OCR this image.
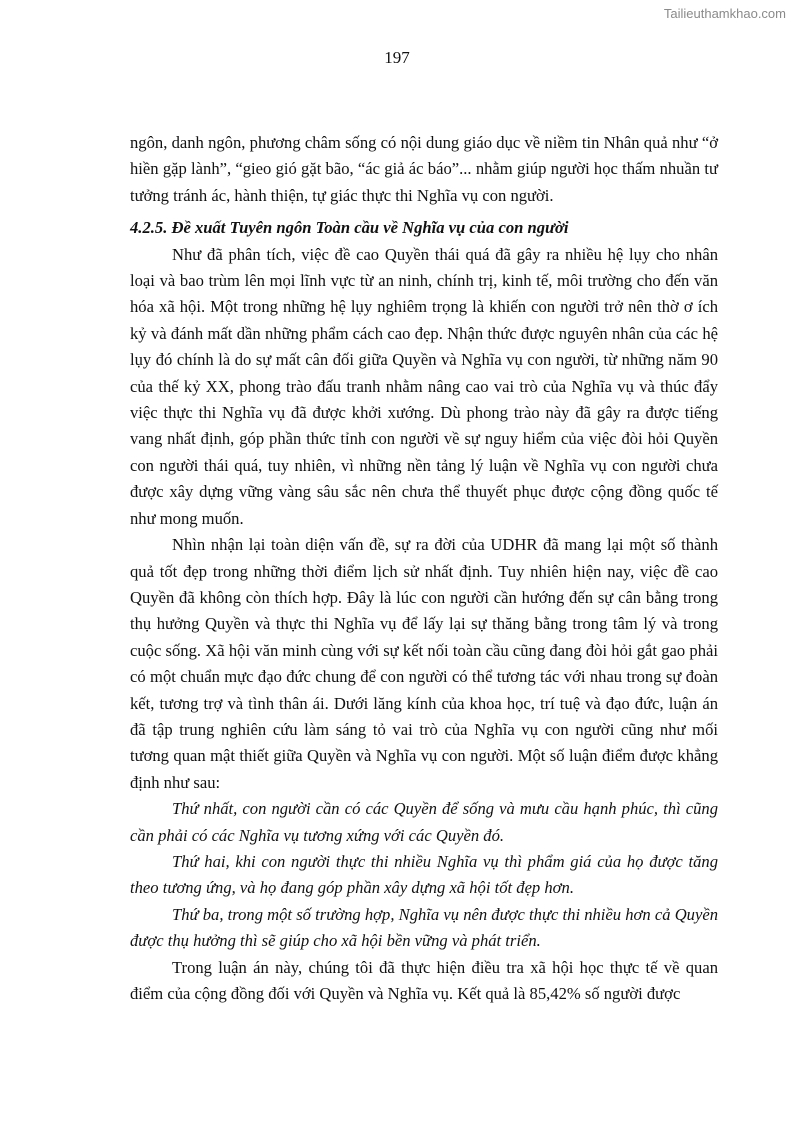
Tailieuthamkhao.com
197

ngôn, danh ngôn, phương châm sống có nội dung giáo dục về niềm tin Nhân quả như “ở hiền gặp lành”, “gieo gió gặt bão, “ác giả ác báo”... nhằm giúp người học thấm nhuần tư tưởng tránh ác, hành thiện, tự giác thực thi Nghĩa vụ con người.

4.2.5. Đề xuất Tuyên ngôn Toàn cầu về Nghĩa vụ của con người

Như đã phân tích, việc đề cao Quyền thái quá đã gây ra nhiều hệ lụy cho nhân loại và bao trùm lên mọi lĩnh vực từ an ninh, chính trị, kinh tế, môi trường cho đến văn hóa xã hội. Một trong những hệ lụy nghiêm trọng là khiến con người trở nên thờ ơ ích kỷ và đánh mất dần những phẩm cách cao đẹp. Nhận thức được nguyên nhân của các hệ lụy đó chính là do sự mất cân đối giữa Quyền và Nghĩa vụ con người, từ những năm 90 của thế kỷ XX, phong trào đấu tranh nhằm nâng cao vai trò của Nghĩa vụ và thúc đẩy việc thực thi Nghĩa vụ đã được khởi xướng. Dù phong trào này đã gây ra được tiếng vang nhất định, góp phần thức tỉnh con người về sự nguy hiểm của việc đòi hỏi Quyền con người thái quá, tuy nhiên, vì những nền tảng lý luận về Nghĩa vụ con người chưa được xây dựng vững vàng sâu sắc nên chưa thể thuyết phục được cộng đồng quốc tế như mong muốn.

Nhìn nhận lại toàn diện vấn đề, sự ra đời của UDHR đã mang lại một số thành quả tốt đẹp trong những thời điểm lịch sử nhất định. Tuy nhiên hiện nay, việc đề cao Quyền đã không còn thích hợp. Đây là lúc con người cần hướng đến sự cân bằng trong thụ hưởng Quyền và thực thi Nghĩa vụ để lấy lại sự thăng bằng trong tâm lý và trong cuộc sống. Xã hội văn minh cùng với sự kết nối toàn cầu cũng đang đòi hỏi gắt gao phải có một chuẩn mực đạo đức chung để con người có thể tương tác với nhau trong sự đoàn kết, tương trợ và tình thân ái. Dưới lăng kính của khoa học, trí tuệ và đạo đức, luận án đã tập trung nghiên cứu làm sáng tỏ vai trò của Nghĩa vụ con người cũng như mối tương quan mật thiết giữa Quyền và Nghĩa vụ con người. Một số luận điểm được khẳng định như sau:

Thứ nhất, con người cần có các Quyền để sống và mưu cầu hạnh phúc, thì cũng cần phải có các Nghĩa vụ tương xứng với các Quyền đó.

Thứ hai, khi con người thực thi nhiều Nghĩa vụ thì phẩm giá của họ được tăng theo tương ứng, và họ đang góp phần xây dựng xã hội tốt đẹp hơn.

Thứ ba, trong một số trường hợp, Nghĩa vụ nên được thực thi nhiều hơn cả Quyền được thụ hưởng thì sẽ giúp cho xã hội bền vững và phát triển.

Trong luận án này, chúng tôi đã thực hiện điều tra xã hội học thực tế về quan điểm của cộng đồng đối với Quyền và Nghĩa vụ. Kết quả là 85,42% số người được
